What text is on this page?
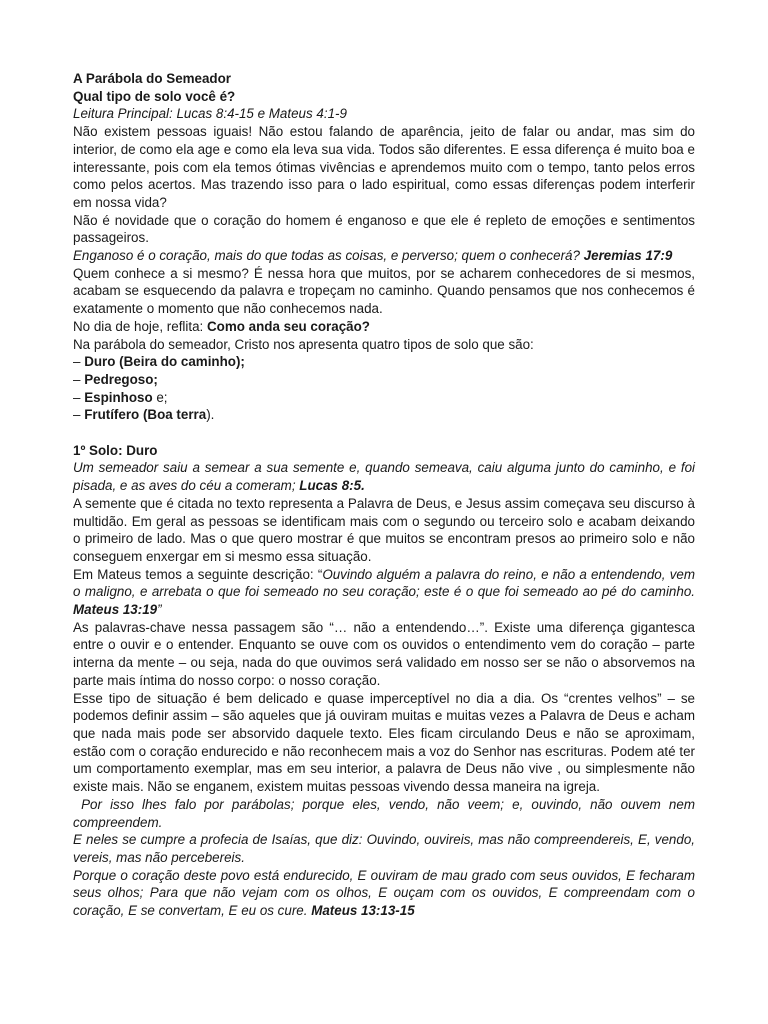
A Parábola do Semeador

Qual tipo de solo você é?

Leitura Principal: Lucas 8:4-15 e Mateus 4:1-9

Não existem pessoas iguais! Não estou falando de aparência, jeito de falar ou andar, mas sim do interior, de como ela age e como ela leva sua vida. Todos são diferentes. E essa diferença é muito boa e interessante, pois com ela temos ótimas vivências e aprendemos muito com o tempo, tanto pelos erros como pelos acertos. Mas trazendo isso para o lado espiritual, como essas diferenças podem interferir em nossa vida?

Não é novidade que o coração do homem é enganoso e que ele é repleto de emoções e sentimentos passageiros.

Enganoso é o coração, mais do que todas as coisas, e perverso; quem o conhecerá? Jeremias 17:9

Quem conhece a si mesmo? É nessa hora que muitos, por se acharem conhecedores de si mesmos, acabam se esquecendo da palavra e tropeçam no caminho. Quando pensamos que nos conhecemos é exatamente o momento que não conhecemos nada.

No dia de hoje, reflita: Como anda seu coração?

Na parábola do semeador, Cristo nos apresenta quatro tipos de solo que são:

– Duro (Beira do caminho);

– Pedregoso;

– Espinhoso e;

– Frutífero (Boa terra).

1º Solo: Duro

Um semeador saiu a semear a sua semente e, quando semeava, caiu alguma junto do caminho, e foi pisada, e as aves do céu a comeram; Lucas 8:5.

A semente que é citada no texto representa a Palavra de Deus, e Jesus assim começava seu discurso à multidão. Em geral as pessoas se identificam mais com o segundo ou terceiro solo e acabam deixando o primeiro de lado. Mas o que quero mostrar é que muitos se encontram presos ao primeiro solo e não conseguem enxergar em si mesmo essa situação.

Em Mateus temos a seguinte descrição: “Ouvindo alguém a palavra do reino, e não a entendendo, vem o maligno, e arrebata o que foi semeado no seu coração; este é o que foi semeado ao pé do caminho. Mateus 13:19”

As palavras-chave nessa passagem são “… não a entendendo…”. Existe uma diferença gigantesca entre o ouvir e o entender. Enquanto se ouve com os ouvidos o entendimento vem do coração – parte interna da mente – ou seja, nada do que ouvimos será validado em nosso ser se não o absorvemos na parte mais íntima do nosso corpo: o nosso coração.

Esse tipo de situação é bem delicado e quase imperceptível no dia a dia. Os “crentes velhos” – se podemos definir assim – são aqueles que já ouviram muitas e muitas vezes a Palavra de Deus e acham que nada mais pode ser absorvido daquele texto. Eles ficam circulando Deus e não se aproximam, estão com o coração endurecido e não reconhecem mais a voz do Senhor nas escrituras. Podem até ter um comportamento exemplar, mas em seu interior, a palavra de Deus não vive , ou simplesmente não existe mais. Não se enganem, existem muitas pessoas vivendo dessa maneira na igreja.

Por isso lhes falo por parábolas; porque eles, vendo, não veem; e, ouvindo, não ouvem nem compreendem.

E neles se cumpre a profecia de Isaías, que diz: Ouvindo, ouvireis, mas não compreendereis, E, vendo, vereis, mas não percebereis.

Porque o coração deste povo está endurecido, E ouviram de mau grado com seus ouvidos, E fecharam seus olhos; Para que não vejam com os olhos, E ouçam com os ouvidos, E compreendam com o coração, E se convertam, E eu os cure. Mateus 13:13-15
